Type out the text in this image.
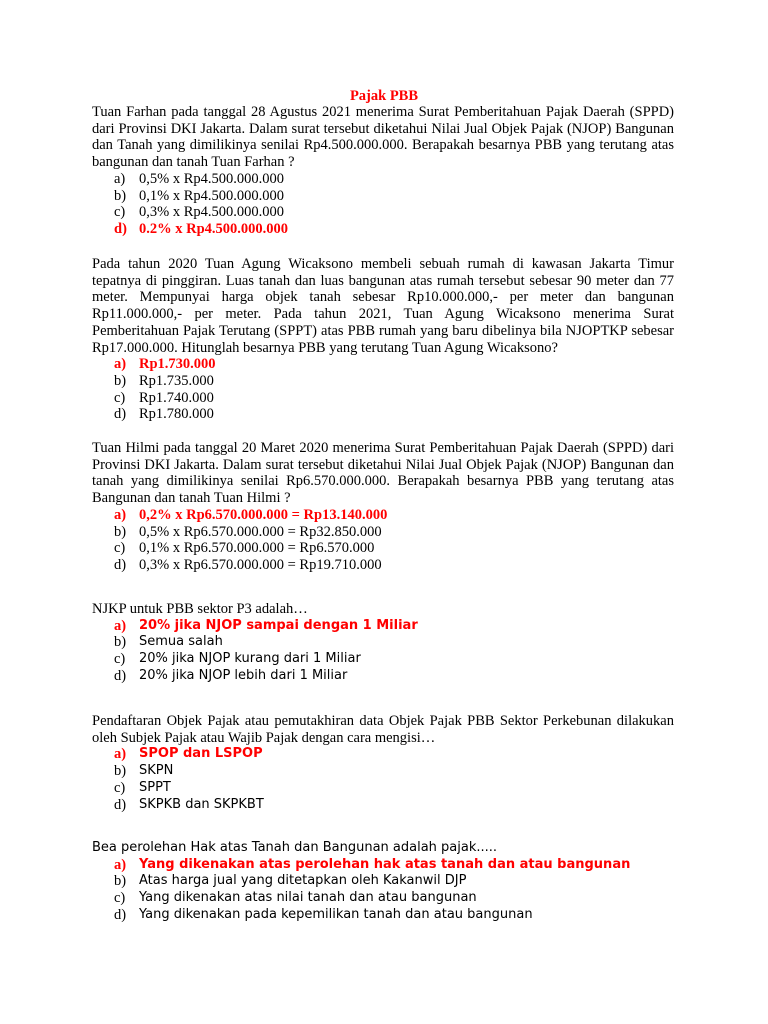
Pajak PBB

Tuan Farhan pada tanggal 28 Agustus 2021 menerima Surat Pemberitahuan Pajak Daerah (SPPD) dari Provinsi DKI Jakarta. Dalam surat tersebut diketahui Nilai Jual Objek Pajak (NJOP) Bangunan dan Tanah yang dimilikinya senilai Rp4.500.000.000. Berapakah besarnya PBB yang terutang atas bangunan dan tanah Tuan Farhan ?

a) 0,5% x Rp4.500.000.000
b) 0,1% x Rp4.500.000.000
c) 0,3% x Rp4.500.000.000
d) 0.2% x Rp4.500.000.000

Pada tahun 2020 Tuan Agung Wicaksono membeli sebuah rumah di kawasan Jakarta Timur tepatnya di pinggiran. Luas tanah dan luas bangunan atas rumah tersebut sebesar 90 meter dan 77 meter. Mempunyai harga objek tanah sebesar Rp10.000.000,- per meter dan bangunan Rp11.000.000,- per meter. Pada tahun 2021, Tuan Agung Wicaksono menerima Surat Pemberitahuan Pajak Terutang (SPPT) atas PBB rumah yang baru dibelinya bila NJOPTKP sebesar Rp17.000.000. Hitunglah besarnya PBB yang terutang Tuan Agung Wicaksono?

a) Rp1.730.000
b) Rp1.735.000
c) Rp1.740.000
d) Rp1.780.000

Tuan Hilmi pada tanggal 20 Maret 2020 menerima Surat Pemberitahuan Pajak Daerah (SPPD) dari Provinsi DKI Jakarta. Dalam surat tersebut diketahui Nilai Jual Objek Pajak (NJOP) Bangunan dan tanah yang dimilikinya senilai Rp6.570.000.000. Berapakah besarnya PBB yang terutang atas Bangunan dan tanah Tuan Hilmi ?

a) 0,2% x Rp6.570.000.000 = Rp13.140.000
b) 0,5% x Rp6.570.000.000 = Rp32.850.000
c) 0,1% x Rp6.570.000.000 = Rp6.570.000
d) 0,3% x Rp6.570.000.000 = Rp19.710.000

NJKP untuk PBB sektor P3 adalah…

a) 20% jika NJOP sampai dengan 1 Miliar
b) Semua salah
c) 20% jika NJOP kurang dari 1 Miliar
d) 20% jika NJOP lebih dari 1 Miliar

Pendaftaran Objek Pajak atau pemutakhiran data Objek Pajak PBB Sektor Perkebunan dilakukan oleh Subjek Pajak atau Wajib Pajak dengan cara mengisi…

a) SPOP dan LSPOP
b) SKPN
c) SPPT
d) SKPKB dan SKPKBT

Bea perolehan Hak atas Tanah dan Bangunan adalah pajak.....

a) Yang dikenakan atas perolehan hak atas tanah dan atau bangunan
b) Atas harga jual yang ditetapkan oleh Kakanwil DJP
c) Yang dikenakan atas nilai tanah dan atau bangunan
d) Yang dikenakan pada kepemilikan tanah dan atau bangunan
